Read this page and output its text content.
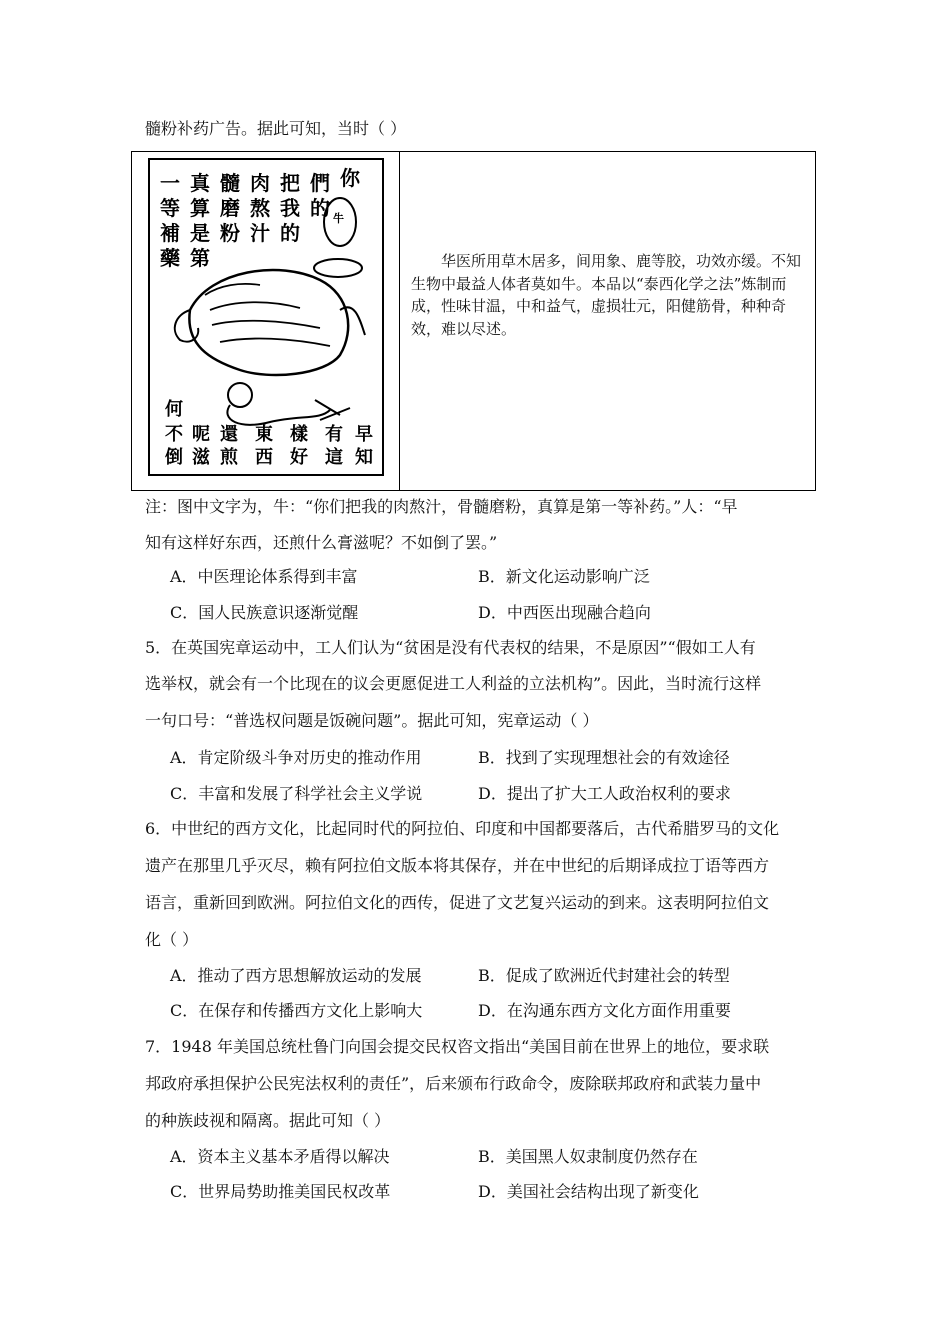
髓粉补药广告。据此可知，当时（ ）
一
等
補
藥
真
算
是
第
髓
磨
粉
肉
熬
汁
把
我
的
們
的
你
牛
何
不
倒
呢
滋
還
煎
東
西
樣
好
有
這
早
知
华医所用草木居多，间用象、鹿等胶，功效亦缓。不知生物中最益人体者莫如牛。本品以“泰西化学之法”炼制而成，性味甘温，中和益气，虚损壮元，阳健筋骨，种种奇效，难以尽述。
注：图中文字为，牛：“你们把我的肉熬汁，骨髓磨粉，真算是第一等补药。”人：“早
知有这样好东西，还煎什么膏滋呢？不如倒了罢。”
A．中医理论体系得到丰富	B．新文化运动影响广泛
C．国人民族意识逐渐觉醒	D．中西医出现融合趋向
5．在英国宪章运动中，工人们认为“贫困是没有代表权的结果，不是原因”“假如工人有
选举权，就会有一个比现在的议会更愿促进工人利益的立法机构”。因此，当时流行这样
一句口号：“普选权问题是饭碗问题”。据此可知，宪章运动（ ）
A．肯定阶级斗争对历史的推动作用	B．找到了实现理想社会的有效途径
C．丰富和发展了科学社会主义学说	D．提出了扩大工人政治权利的要求
6．中世纪的西方文化，比起同时代的阿拉伯、印度和中国都要落后，古代希腊罗马的文化
遗产在那里几乎灭尽，赖有阿拉伯文版本将其保存，并在中世纪的后期译成拉丁语等西方
语言，重新回到欧洲。阿拉伯文化的西传，促进了文艺复兴运动的到来。这表明阿拉伯文
化（ ）
A．推动了西方思想解放运动的发展	B．促成了欧洲近代封建社会的转型
C．在保存和传播西方文化上影响大	D．在沟通东西方文化方面作用重要
7．1948 年美国总统杜鲁门向国会提交民权咨文指出“美国目前在世界上的地位，要求联
邦政府承担保护公民宪法权利的责任”，后来颁布行政命令，废除联邦政府和武装力量中
的种族歧视和隔离。据此可知（ ）
A．资本主义基本矛盾得以解决	B．美国黑人奴隶制度仍然存在
C．世界局势助推美国民权改革	D．美国社会结构出现了新变化
